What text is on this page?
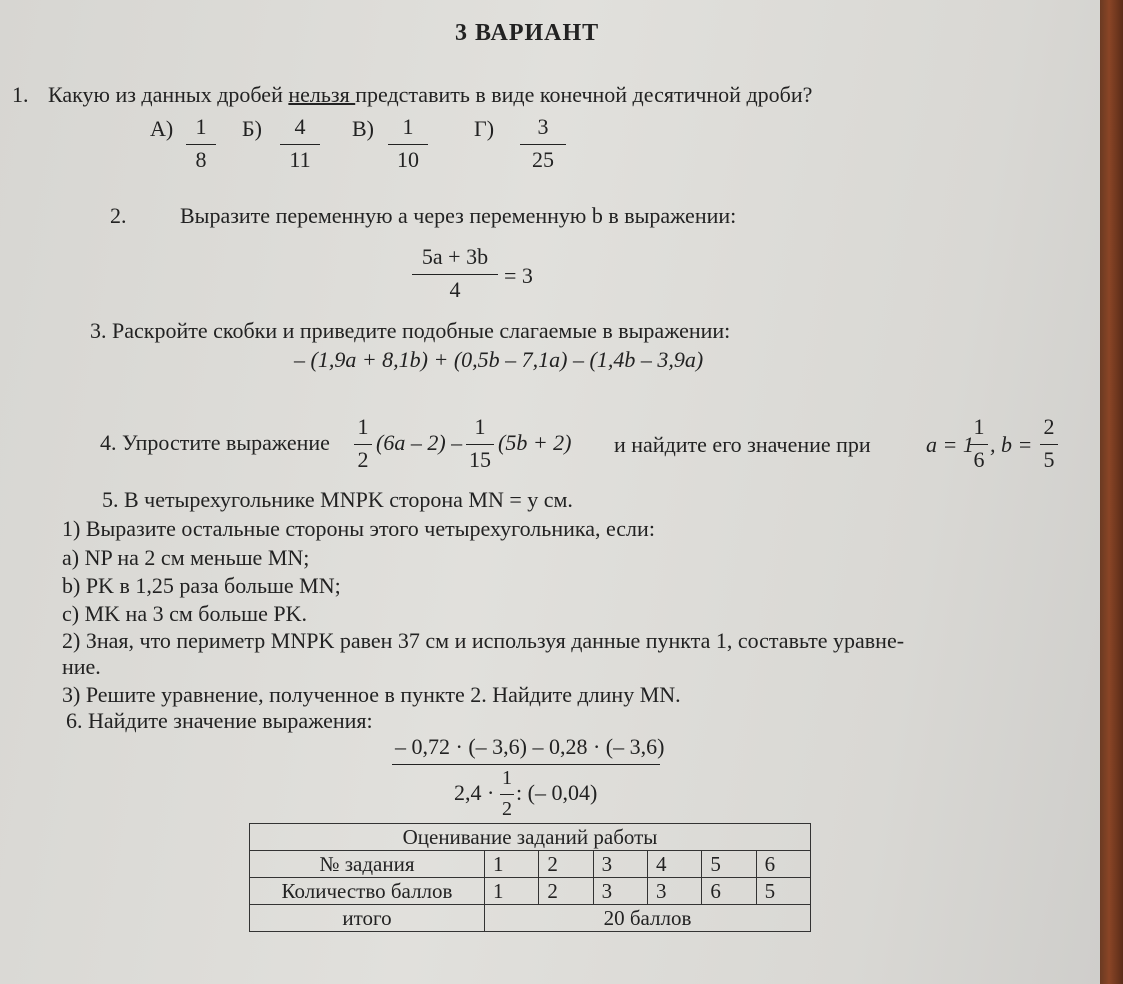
3 ВАРИАНТ
1. Какую из данных дробей нельзя представить в виде конечной десятичной дроби?
А)	1
8
Б)	4
11
В)	1
10
Г)	3
25
2. Выразите переменную a через переменную b в выражении:
5a + 3b
4
= 3
3. Раскройте скобки и приведите подобные слагаемые в выражении:
– (1,9a + 8,1b) + (0,5b – 7,1a) – (1,4b – 3,9a)
4. Упростите выражение
1
2
(6a – 2) –
1
15
(5b + 2) и найдите его значение при	a = 1
1
6
, b =
2
5
5. В четырехугольнике MNPK сторона MN = y см.
1) Выразите остальные стороны этого четырехугольника, если:
a) NP на 2 см меньше MN;
b) PK в 1,25 раза больше MN;
c) MK на 3 см больше PK.
2) Зная, что периметр MNPK равен 37 см и используя данные пункта 1, составьте уравне-
ние.
3) Решите уравнение, полученное в пункте 2. Найдите длину MN.
6. Найдите значение выражения:
– 0,72 · (– 3,6) – 0,28 · (– 3,6)
2,4 ·
1
2
: (– 0,04)
Оценивание заданий работы						
№ задания	1	2	3	4	5	6
Количество баллов	1	2	3	3	6	5
итого	20 баллов					
